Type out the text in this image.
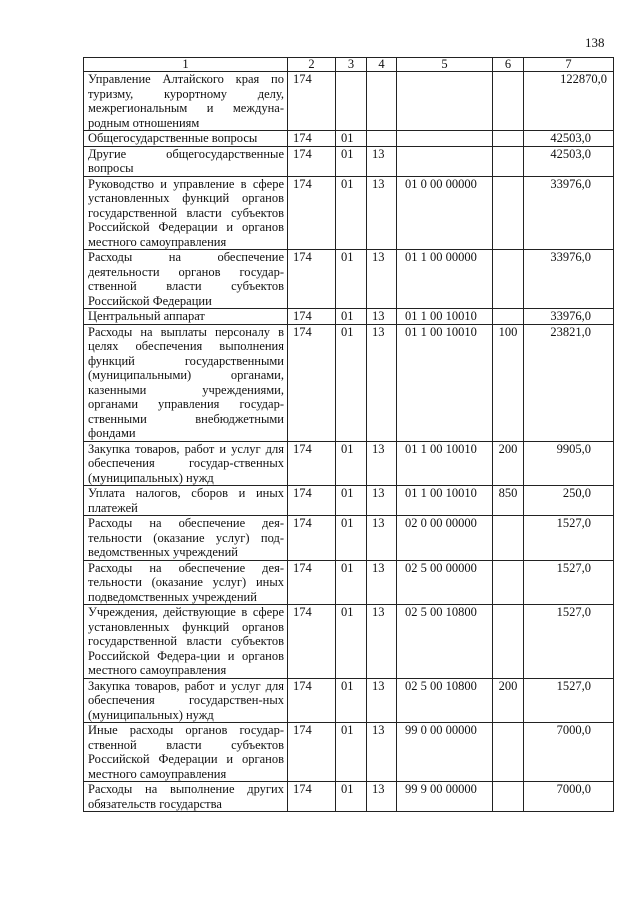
138
1	2	3	4	5	6	7
Управление Алтайского края по туризму, курортному делу, межрегиональным и междуна-родным отношениям	174					122870,0
Общегосударственные вопросы	174	01				42503,0
Другие общегосударственные вопросы	174	01	13			42503,0
Руководство и управление в сфере установленных функций органов государственной власти субъектов Российской Федерации и органов местного самоуправления	174	01	13	01 0 00 00000		33976,0
Расходы на обеспечение деятельности органов государ-ственной власти субъектов Российской Федерации	174	01	13	01 1 00 00000		33976,0
Центральный аппарат	174	01	13	01 1 00 10010		33976,0
Расходы на выплаты персоналу в целях обеспечения выполнения функций государственными (муниципальными) органами, казенными учреждениями, органами управления государ-ственными внебюджетными фондами	174	01	13	01 1 00 10010	100	23821,0
Закупка товаров, работ и услуг для обеспечения государ-ственных (муниципальных) нужд	174	01	13	01 1 00 10010	200	9905,0
Уплата налогов, сборов и иных платежей	174	01	13	01 1 00 10010	850	250,0
Расходы на обеспечение дея-тельности (оказание услуг) под-ведомственных учреждений	174	01	13	02 0 00 00000		1527,0
Расходы на обеспечение дея-тельности (оказание услуг) иных подведомственных учреждений	174	01	13	02 5 00 00000		1527,0
Учреждения, действующие в сфере установленных функций органов государственной власти субъектов Российской Федера-ции и органов местного самоуправления	174	01	13	02 5 00 10800		1527,0
Закупка товаров, работ и услуг для обеспечения государствен-ных (муниципальных) нужд	174	01	13	02 5 00 10800	200	1527,0
Иные расходы органов государ-ственной власти субъектов Российской Федерации и органов местного самоуправления	174	01	13	99 0 00 00000		7000,0
Расходы на выполнение других обязательств государства	174	01	13	99 9 00 00000		7000,0
